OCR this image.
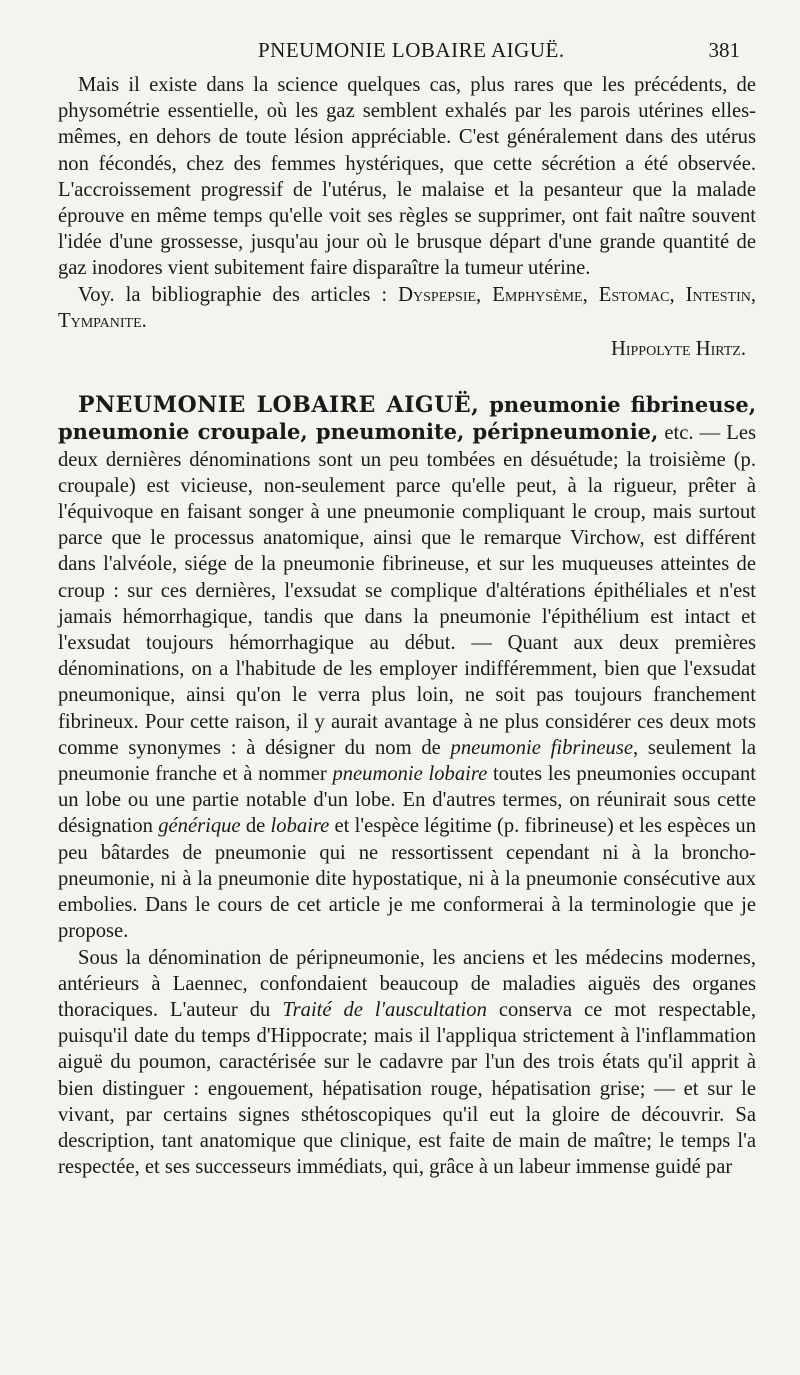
PNEUMONIE LOBAIRE AIGUË.	381

Mais il existe dans la science quelques cas, plus rares que les précédents, de physométrie essentielle, où les gaz semblent exhalés par les parois utérines elles-mêmes, en dehors de toute lésion appréciable. C'est généralement dans des utérus non fécondés, chez des femmes hystériques, que cette sécrétion a été observée. L'accroissement progressif de l'utérus, le malaise et la pesanteur que la malade éprouve en même temps qu'elle voit ses règles se supprimer, ont fait naître souvent l'idée d'une grossesse, jusqu'au jour où le brusque départ d'une grande quantité de gaz inodores vient subitement faire disparaître la tumeur utérine.

Voy. la bibliographie des articles : Dyspepsie, Emphysème, Estomac, Intestin, Tympanite.

Hippolyte Hirtz.

PNEUMONIE LOBAIRE AIGUË, pneumonie fibrineuse, pneumonie croupale, pneumonite, péripneumonie, etc. — Les deux dernières dénominations sont un peu tombées en désuétude; la troisième (p. croupale) est vicieuse, non-seulement parce qu'elle peut, à la rigueur, prêter à l'équivoque en faisant songer à une pneumonie compliquant le croup, mais surtout parce que le processus anatomique, ainsi que le remarque Virchow, est différent dans l'alvéole, siége de la pneumonie fibrineuse, et sur les muqueuses atteintes de croup : sur ces dernières, l'exsudat se complique d'altérations épithéliales et n'est jamais hémorrhagique, tandis que dans la pneumonie l'épithélium est intact et l'exsudat toujours hémorrhagique au début. — Quant aux deux premières dénominations, on a l'habitude de les employer indifféremment, bien que l'exsudat pneumonique, ainsi qu'on le verra plus loin, ne soit pas toujours franchement fibrineux. Pour cette raison, il y aurait avantage à ne plus considérer ces deux mots comme synonymes : à désigner du nom de pneumonie fibrineuse, seulement la pneumonie franche et à nommer pneumonie lobaire toutes les pneumonies occupant un lobe ou une partie notable d'un lobe. En d'autres termes, on réunirait sous cette désignation générique de lobaire et l'espèce légitime (p. fibrineuse) et les espèces un peu bâtardes de pneumonie qui ne ressortissent cependant ni à la broncho-pneumonie, ni à la pneumonie dite hypostatique, ni à la pneumonie consécutive aux embolies. Dans le cours de cet article je me conformerai à la terminologie que je propose.

Sous la dénomination de péripneumonie, les anciens et les médecins modernes, antérieurs à Laennec, confondaient beaucoup de maladies aiguës des organes thoraciques. L'auteur du Traité de l'auscultation conserva ce mot respectable, puisqu'il date du temps d'Hippocrate; mais il l'appliqua strictement à l'inflammation aiguë du poumon, caractérisée sur le cadavre par l'un des trois états qu'il apprit à bien distinguer : engouement, hépatisation rouge, hépatisation grise; — et sur le vivant, par certains signes sthétoscopiques qu'il eut la gloire de découvrir. Sa description, tant anatomique que clinique, est faite de main de maître; le temps l'a respectée, et ses successeurs immédiats, qui, grâce à un labeur immense guidé par
